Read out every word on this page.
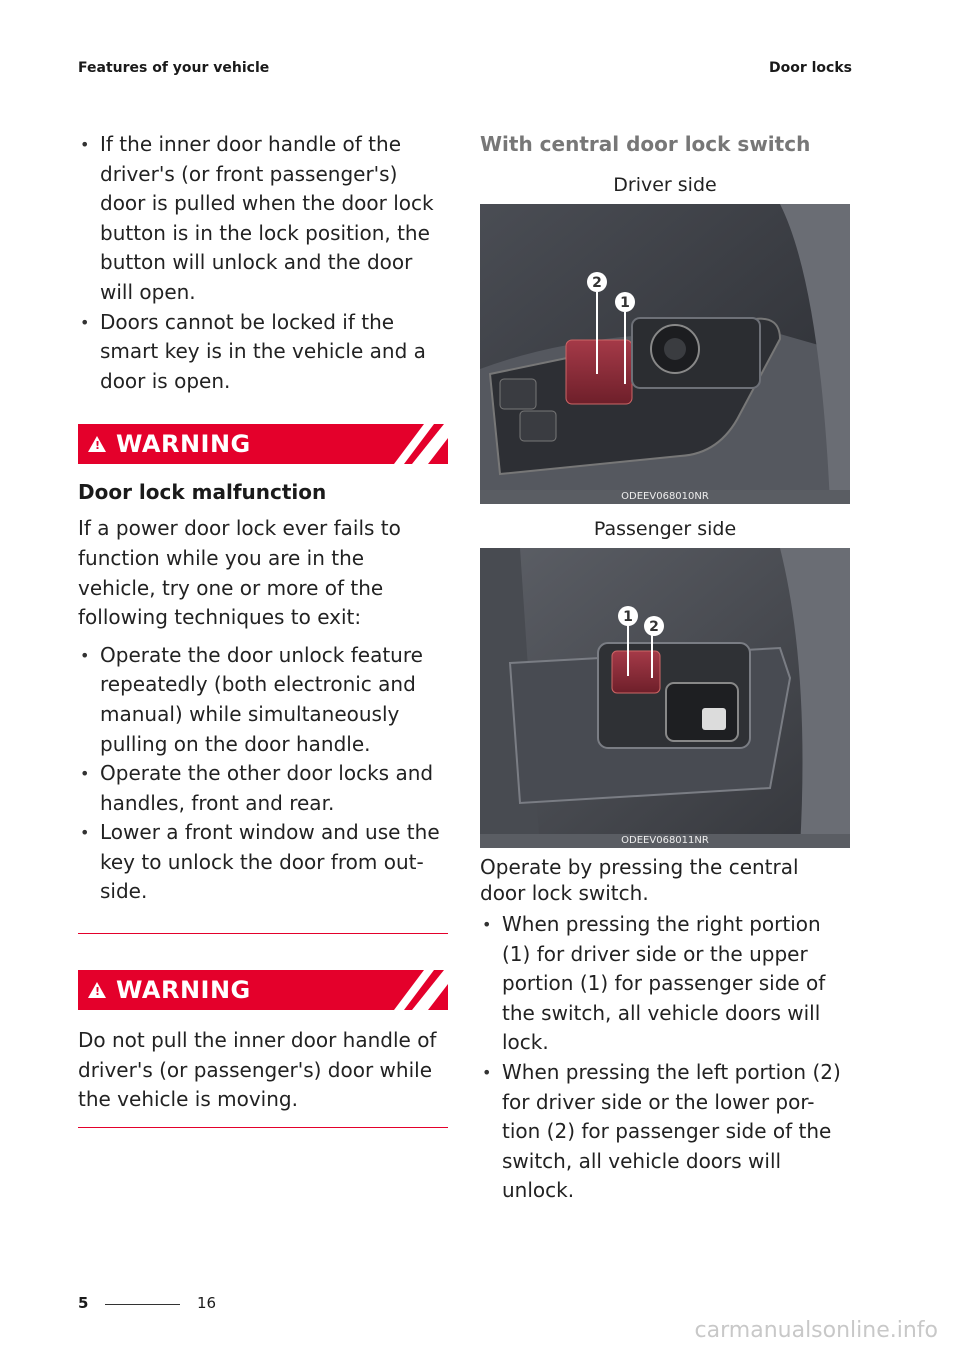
Features of your vehicle	Door locks
• If the inner door handle of the driver's (or front passenger's) door is pulled when the door lock button is in the lock position, the button will unlock and the door will open.
• Doors cannot be locked if the smart key is in the vehicle and a door is open.
! WARNING
Door lock malfunction
If a power door lock ever fails to function while you are in the vehicle, try one or more of the following techniques to exit:
• Operate the door unlock feature repeatedly (both electronic and manual) while simultaneously pulling on the door handle.
• Operate the other door locks and handles, front and rear.
• Lower a front window and use the key to unlock the door from out-side.
! WARNING
Do not pull the inner door handle of driver's (or passenger's) door while the vehicle is moving.
With central door lock switch
Driver side
2
1
ODEEV068010NR
Passenger side
1
2
ODEEV068011NR
Operate by pressing the central door lock switch.
• When pressing the right portion (1) for driver side or the upper portion (1) for passenger side of the switch, all vehicle doors will lock.
• When pressing the left portion (2) for driver side or the lower por-tion (2) for passenger side of the switch, all vehicle doors will unlock.
5	16
carmanualsonline.info
